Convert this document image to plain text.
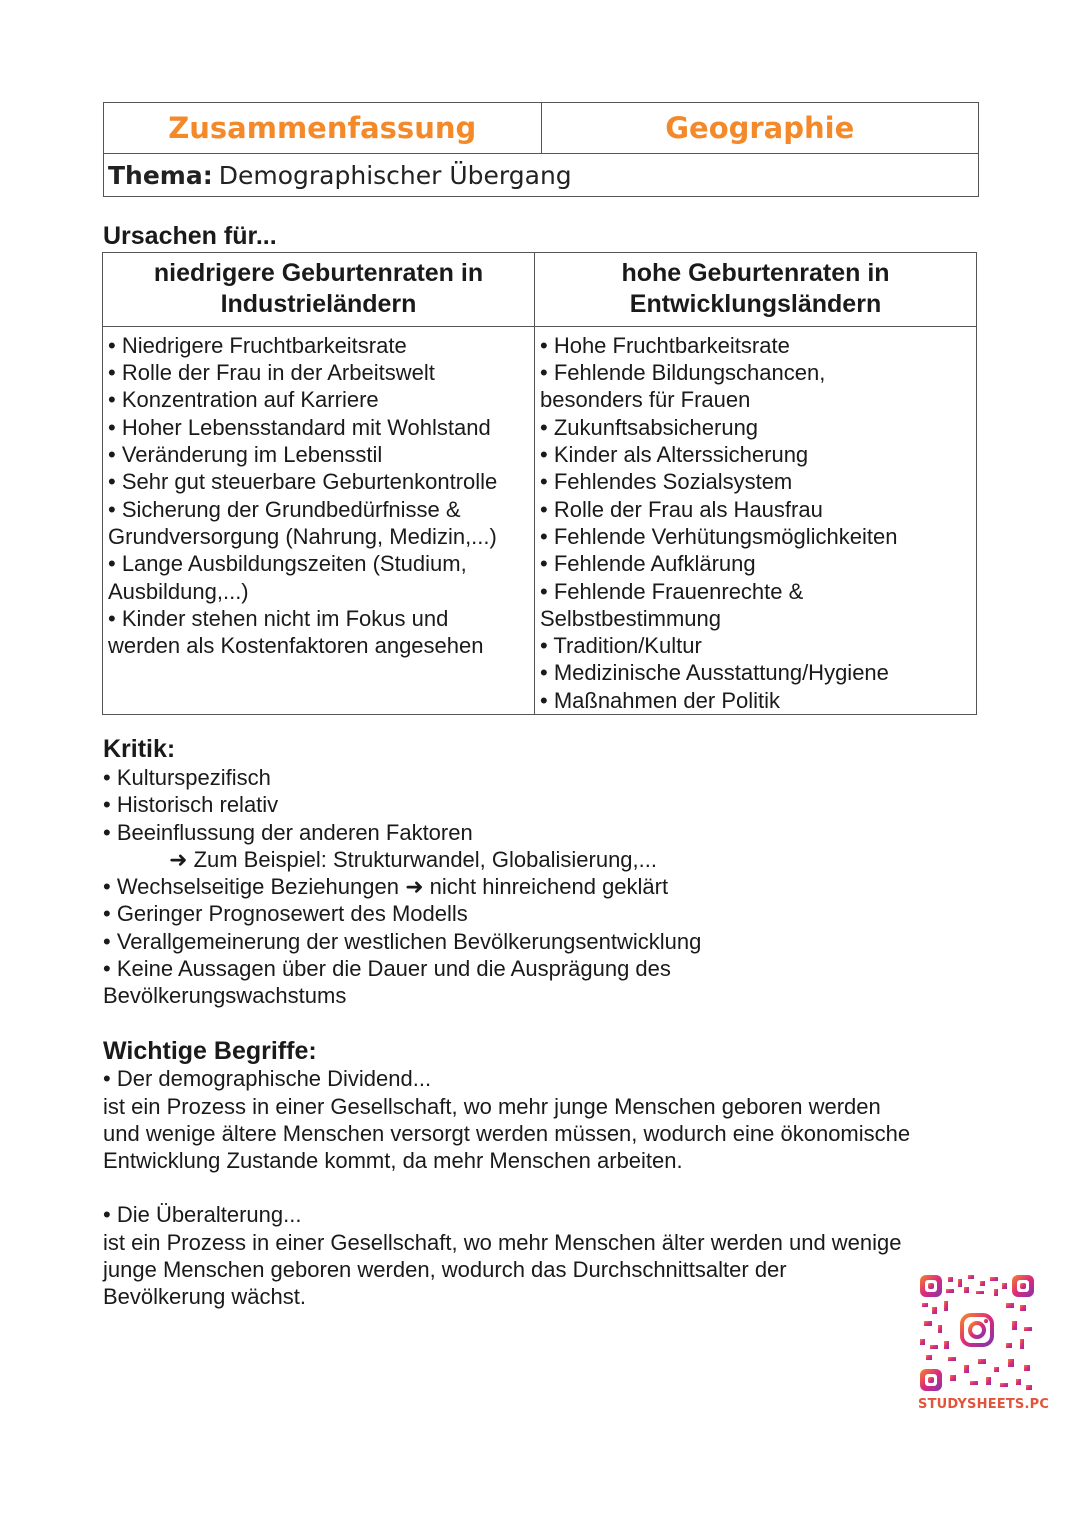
Zusammenfassung	Geographie
Thema: Demographischer Übergang
Ursachen für...
niedrigere Geburtenraten in Industrieländern
hohe Geburtenraten in Entwicklungsländern
• Niedrigere Fruchtbarkeitsrate
• Rolle der Frau in der Arbeitswelt
• Konzentration auf Karriere
• Hoher Lebensstandard mit Wohlstand
• Veränderung im Lebensstil
• Sehr gut steuerbare Geburtenkontrolle
• Sicherung der Grundbedürfnisse &
Grundversorgung (Nahrung, Medizin,...)
• Lange Ausbildungszeiten (Studium,
Ausbildung,...)
• Kinder stehen nicht im Fokus und
werden als Kostenfaktoren angesehen
• Hohe Fruchtbarkeitsrate
• Fehlende Bildungschancen,
besonders für Frauen
• Zukunftsabsicherung
• Kinder als Alterssicherung
• Fehlendes Sozialsystem
• Rolle der Frau als Hausfrau
• Fehlende Verhütungsmöglichkeiten
• Fehlende Aufklärung
• Fehlende Frauenrechte &
Selbstbestimmung
• Tradition/Kultur
• Medizinische Ausstattung/Hygiene
• Maßnahmen der Politik
Kritik:
• Kulturspezifisch
• Historisch relativ
• Beeinflussung der anderen Faktoren
➜ Zum Beispiel: Strukturwandel, Globalisierung,...
• Wechselseitige Beziehungen ➜ nicht hinreichend geklärt
• Geringer Prognosewert des Modells
• Verallgemeinerung der westlichen Bevölkerungsentwicklung
• Keine Aussagen über die Dauer und die Ausprägung des
Bevölkerungswachstums
Wichtige Begriffe:

• Der demographische Dividend...

ist ein Prozess in einer Gesellschaft, wo mehr junge Menschen geboren werden

und wenige ältere Menschen versorgt werden müssen, wodurch eine ökonomische

Entwicklung Zustande kommt, da mehr Menschen arbeiten.

• Die Überalterung...

ist ein Prozess in einer Gesellschaft, wo mehr Menschen älter werden und wenige

junge Menschen geboren werden, wodurch das Durchschnittsalter der

Bevölkerung wächst.

STUDYSHEETS.PC
